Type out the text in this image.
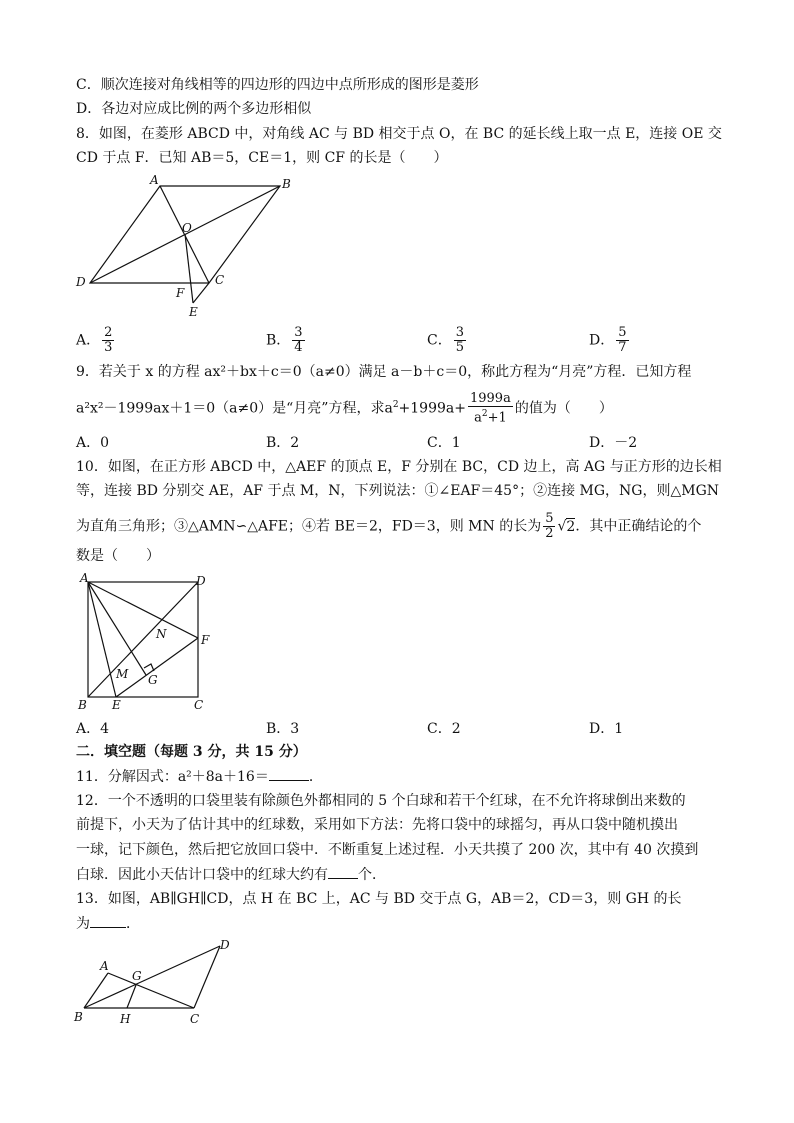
C．顺次连接对角线相等的四边形的四边中点所形成的图形是菱形
D．各边对应成比例的两个多边形相似
8．如图，在菱形 ABCD 中，对角线 AC 与 BD 相交于点 O，在 BC 的延长线上取一点 E，连接 OE 交
CD 于点 F．已知 AB＝5，CE＝1，则 CF 的长是（　　）
A	B
O
D	C
F
E
A． $\frac{2}{3}$	B． $\frac{3}{4}$	C． $\frac{3}{5}$	D． $\frac{5}{7}$
9．若关于 x 的方程 ax²＋bx＋c＝0（a≠0）满足 a－b＋c＝0，称此方程为“月亮”方程．已知方程
a²x²－1999ax＋1＝0（a≠0）是“月亮”方程，求$a^2+1999a+ \frac{1999a}{a^2+1}$ 的值为（　　）
A．0	B．2	C．1	D．－2
10．如图，在正方形 ABCD 中，△AEF 的顶点 E，F 分别在 BC，CD 边上，高 AG 与正方形的边长相
等，连接 BD 分别交 AE，AF 于点 M，N，下列说法：①∠EAF＝45°；②连接 MG，NG，则△MGN
为直角三角形；③△AMN∽△AFE；④若 BE＝2，FD＝3，则 MN 的长为 $\frac{5}{2} √2$．其中正确结论的个
数是（　　）
A	D
N	F
M G
B E	C
A．4	B．3	C．2	D．1
二．填空题（每题 3 分，共 15 分）
11．分解因式：a²＋8a＋16＝	．
12．一个不透明的口袋里装有除颜色外都相同的 5 个白球和若干个红球，在不允许将球倒出来数的
前提下，小天为了估计其中的红球数，采用如下方法：先将口袋中的球摇匀，再从口袋中随机摸出
一球，记下颜色，然后把它放回口袋中．不断重复上述过程．小天共摸了 200 次，其中有 40 次摸到
白球．因此小天估计口袋中的红球大约有 个．
13．如图，AB∥GH∥CD，点 H 在 BC 上，AC 与 BD 交于点 G，AB＝2，CD＝3，则 GH 的长
为	．
D
A
G
B	H	C
